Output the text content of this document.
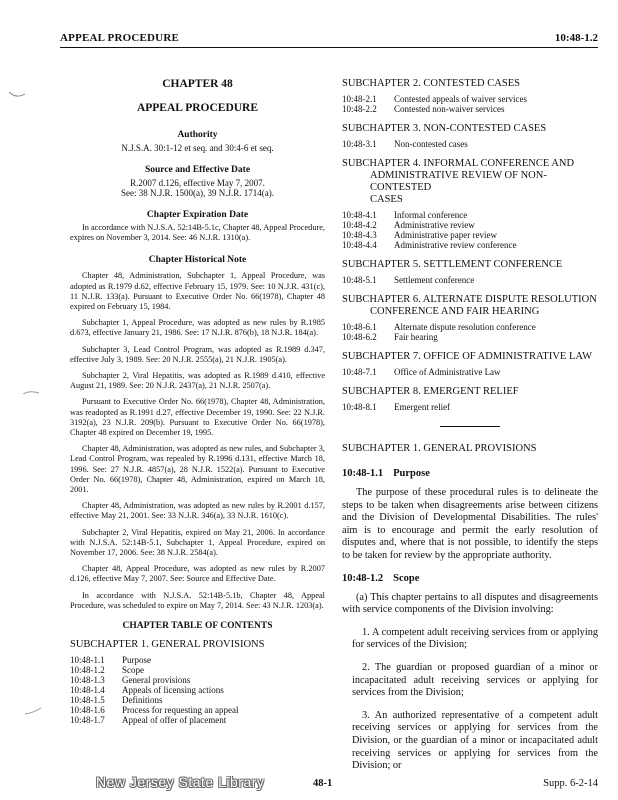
APPEAL PROCEDURE	10:48-1.2
CHAPTER 48
APPEAL PROCEDURE
Authority
N.J.S.A. 30:1-12 et seq. and 30:4-6 et seq.
Source and Effective Date
R.2007 d.126, effective May 7, 2007.
See: 38 N.J.R. 1500(a), 39 N.J.R. 1714(a).
Chapter Expiration Date

In accordance with N.J.S.A. 52:14B-5.1c, Chapter 48, Appeal Procedure, expires on November 3, 2014. See: 46 N.J.R. 1310(a).

Chapter Historical Note

Chapter 48, Administration, Subchapter 1, Appeal Procedure, was adopted as R.1979 d.62, effective February 15, 1979. See: 10 N.J.R. 431(c), 11 N.J.R. 133(a). Pursuant to Executive Order No. 66(1978), Chapter 48 expired on February 15, 1984.

Subchapter 1, Appeal Procedure, was adopted as new rules by R.1985 d.673, effective January 21, 1986. See: 17 N.J.R. 876(b), 18 N.J.R. 184(a).

Subchapter 3, Lead Control Program, was adopted as R.1989 d.347, effective July 3, 1989. See: 20 N.J.R. 2555(a), 21 N.J.R. 1905(a).

Subchapter 2, Viral Hepatitis, was adopted as R.1989 d.410, effective August 21, 1989. See: 20 N.J.R. 2437(a), 21 N.J.R. 2507(a).

Pursuant to Executive Order No. 66(1978), Chapter 48, Administration, was readopted as R.1991 d.27, effective December 19, 1990. See: 22 N.J.R. 3192(a), 23 N.J.R. 209(b). Pursuant to Executive Order No. 66(1978), Chapter 48 expired on December 19, 1995.

Chapter 48, Administration, was adopted as new rules, and Subchapter 3, Lead Control Program, was repealed by R.1996 d.131, effective March 18, 1996. See: 27 N.J.R. 4857(a), 28 N.J.R. 1522(a). Pursuant to Executive Order No. 66(1978), Chapter 48, Administration, expired on March 18, 2001.

Chapter 48, Administration, was adopted as new rules by R.2001 d.157, effective May 21, 2001. See: 33 N.J.R. 346(a), 33 N.J.R. 1610(c).

Subchapter 2, Viral Hepatitis, expired on May 21, 2006. In accordance with N.J.S.A. 52:14B-5.1, Subchapter 1, Appeal Procedure, expired on November 17, 2006. See: 38 N.J.R. 2584(a).

Chapter 48, Appeal Procedure, was adopted as new rules by R.2007 d.126, effective May 7, 2007. See: Source and Effective Date.

In accordance with N.J.S.A. 52:14B-5.1b, Chapter 48, Appeal Procedure, was scheduled to expire on May 7, 2014. See: 43 N.J.R. 1203(a).

CHAPTER TABLE OF CONTENTS
SUBCHAPTER 1. GENERAL PROVISIONS
10:48-1.1	Purpose
10:48-1.2	Scope
10:48-1.3	General provisions
10:48-1.4	Appeals of licensing actions
10:48-1.5	Definitions
10:48-1.6	Process for requesting an appeal
10:48-1.7	Appeal of offer of placement
SUBCHAPTER 2. CONTESTED CASES
10:48-2.1	Contested appeals of waiver services
10:48-2.2	Contested non-waiver services
SUBCHAPTER 3. NON-CONTESTED CASES
10:48-3.1	Non-contested cases
SUBCHAPTER 4. INFORMAL CONFERENCE AND
ADMINISTRATIVE REVIEW OF NON-CONTESTED
CASES
10:48-4.1	Informal conference
10:48-4.2	Administrative review
10:48-4.3	Administrative paper review
10:48-4.4	Administrative review conference
SUBCHAPTER 5. SETTLEMENT CONFERENCE
10:48-5.1	Settlement conference
SUBCHAPTER 6. ALTERNATE DISPUTE RESOLUTION
CONFERENCE AND FAIR HEARING
10:48-6.1	Alternate dispute resolution conference
10:48-6.2	Fair hearing
SUBCHAPTER 7. OFFICE OF ADMINISTRATIVE LAW
10:48-7.1	Office of Administrative Law
SUBCHAPTER 8. EMERGENT RELIEF
10:48-8.1	Emergent relief
SUBCHAPTER 1. GENERAL PROVISIONS
10:48-1.1 Purpose

The purpose of these procedural rules is to delineate the steps to be taken when disagreements arise between citizens and the Division of Developmental Disabilities. The rules' aim is to encourage and permit the early resolution of disputes and, where that is not possible, to identify the steps to be taken for review by the appropriate authority.

10:48-1.2 Scope

(a) This chapter pertains to all disputes and disagreements with service components of the Division involving:

1. A competent adult receiving services from or applying for services of the Division;

2. The guardian or proposed guardian of a minor or incapacitated adult receiving services or applying for services from the Division;

3. An authorized representative of a competent adult receiving services or applying for services from the Division, or the guardian of a minor or incapacitated adult receiving services or applying for services from the Division; or

New Jersey State Library	48-1	Supp. 6-2-14
